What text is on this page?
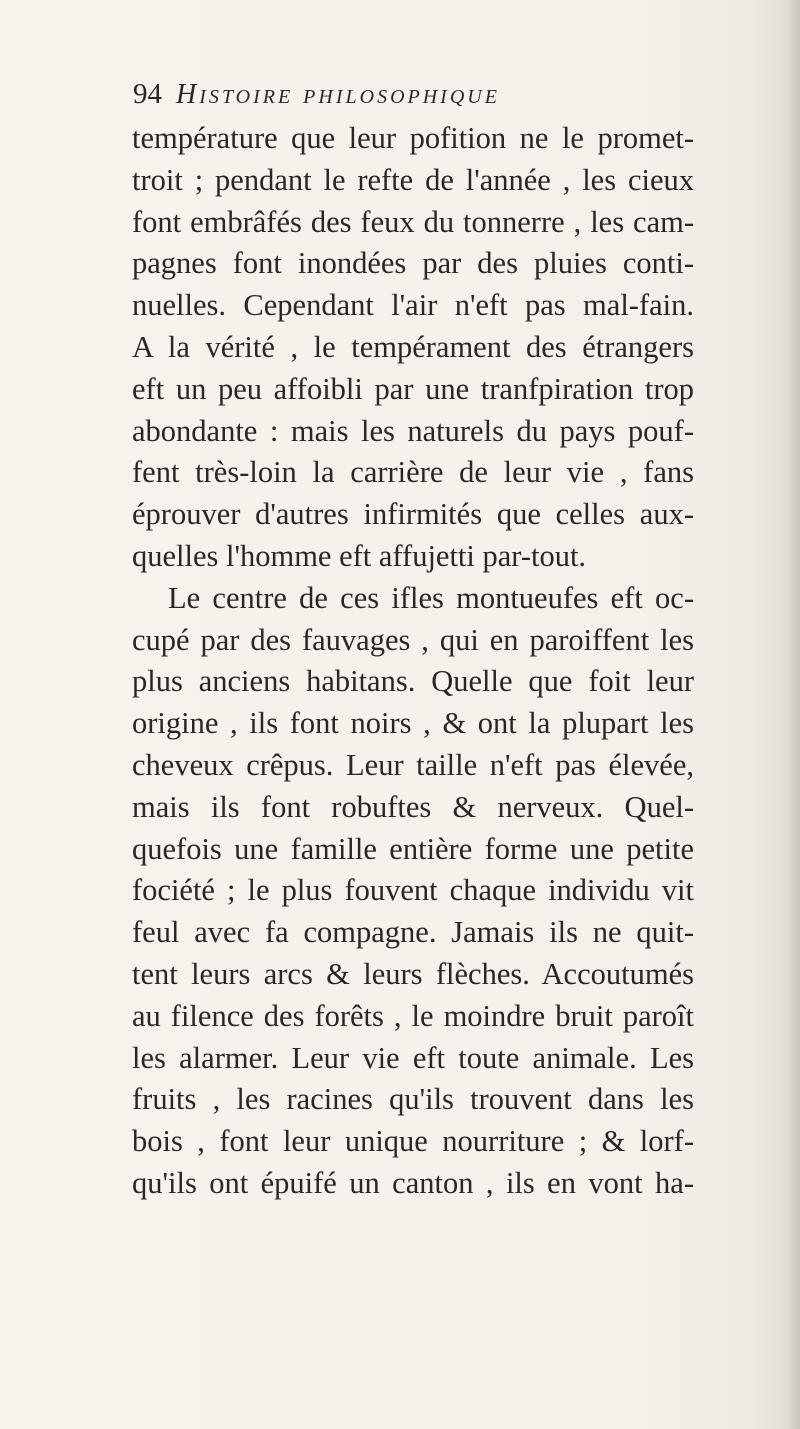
94 Histoire philosophique
température que leur pofition ne le promet-
troit ; pendant le refte de l'année , les cieux
font embrâfés des feux du tonnerre , les cam-
pagnes font inondées par des pluies conti-
nuelles. Cependant l'air n'eft pas mal-fain.
A la vérité , le tempérament des étrangers
eft un peu affoibli par une tranfpiration trop
abondante : mais les naturels du pays pouf-
fent très-loin la carrière de leur vie , fans
éprouver d'autres infirmités que celles aux-
quelles l'homme eft affujetti par-tout.
Le centre de ces ifles montueufes eft oc-
cupé par des fauvages , qui en paroiffent les
plus anciens habitans. Quelle que foit leur
origine , ils font noirs , & ont la plupart les
cheveux crêpus. Leur taille n'eft pas élevée,
mais ils font robuftes & nerveux. Quel-
quefois une famille entière forme une petite
fociété ; le plus fouvent chaque individu vit
feul avec fa compagne. Jamais ils ne quit-
tent leurs arcs & leurs flèches. Accoutumés
au filence des forêts , le moindre bruit paroît
les alarmer. Leur vie eft toute animale. Les
fruits , les racines qu'ils trouvent dans les
bois , font leur unique nourriture ; & lorf-
qu'ils ont épuifé un canton , ils en vont ha-
